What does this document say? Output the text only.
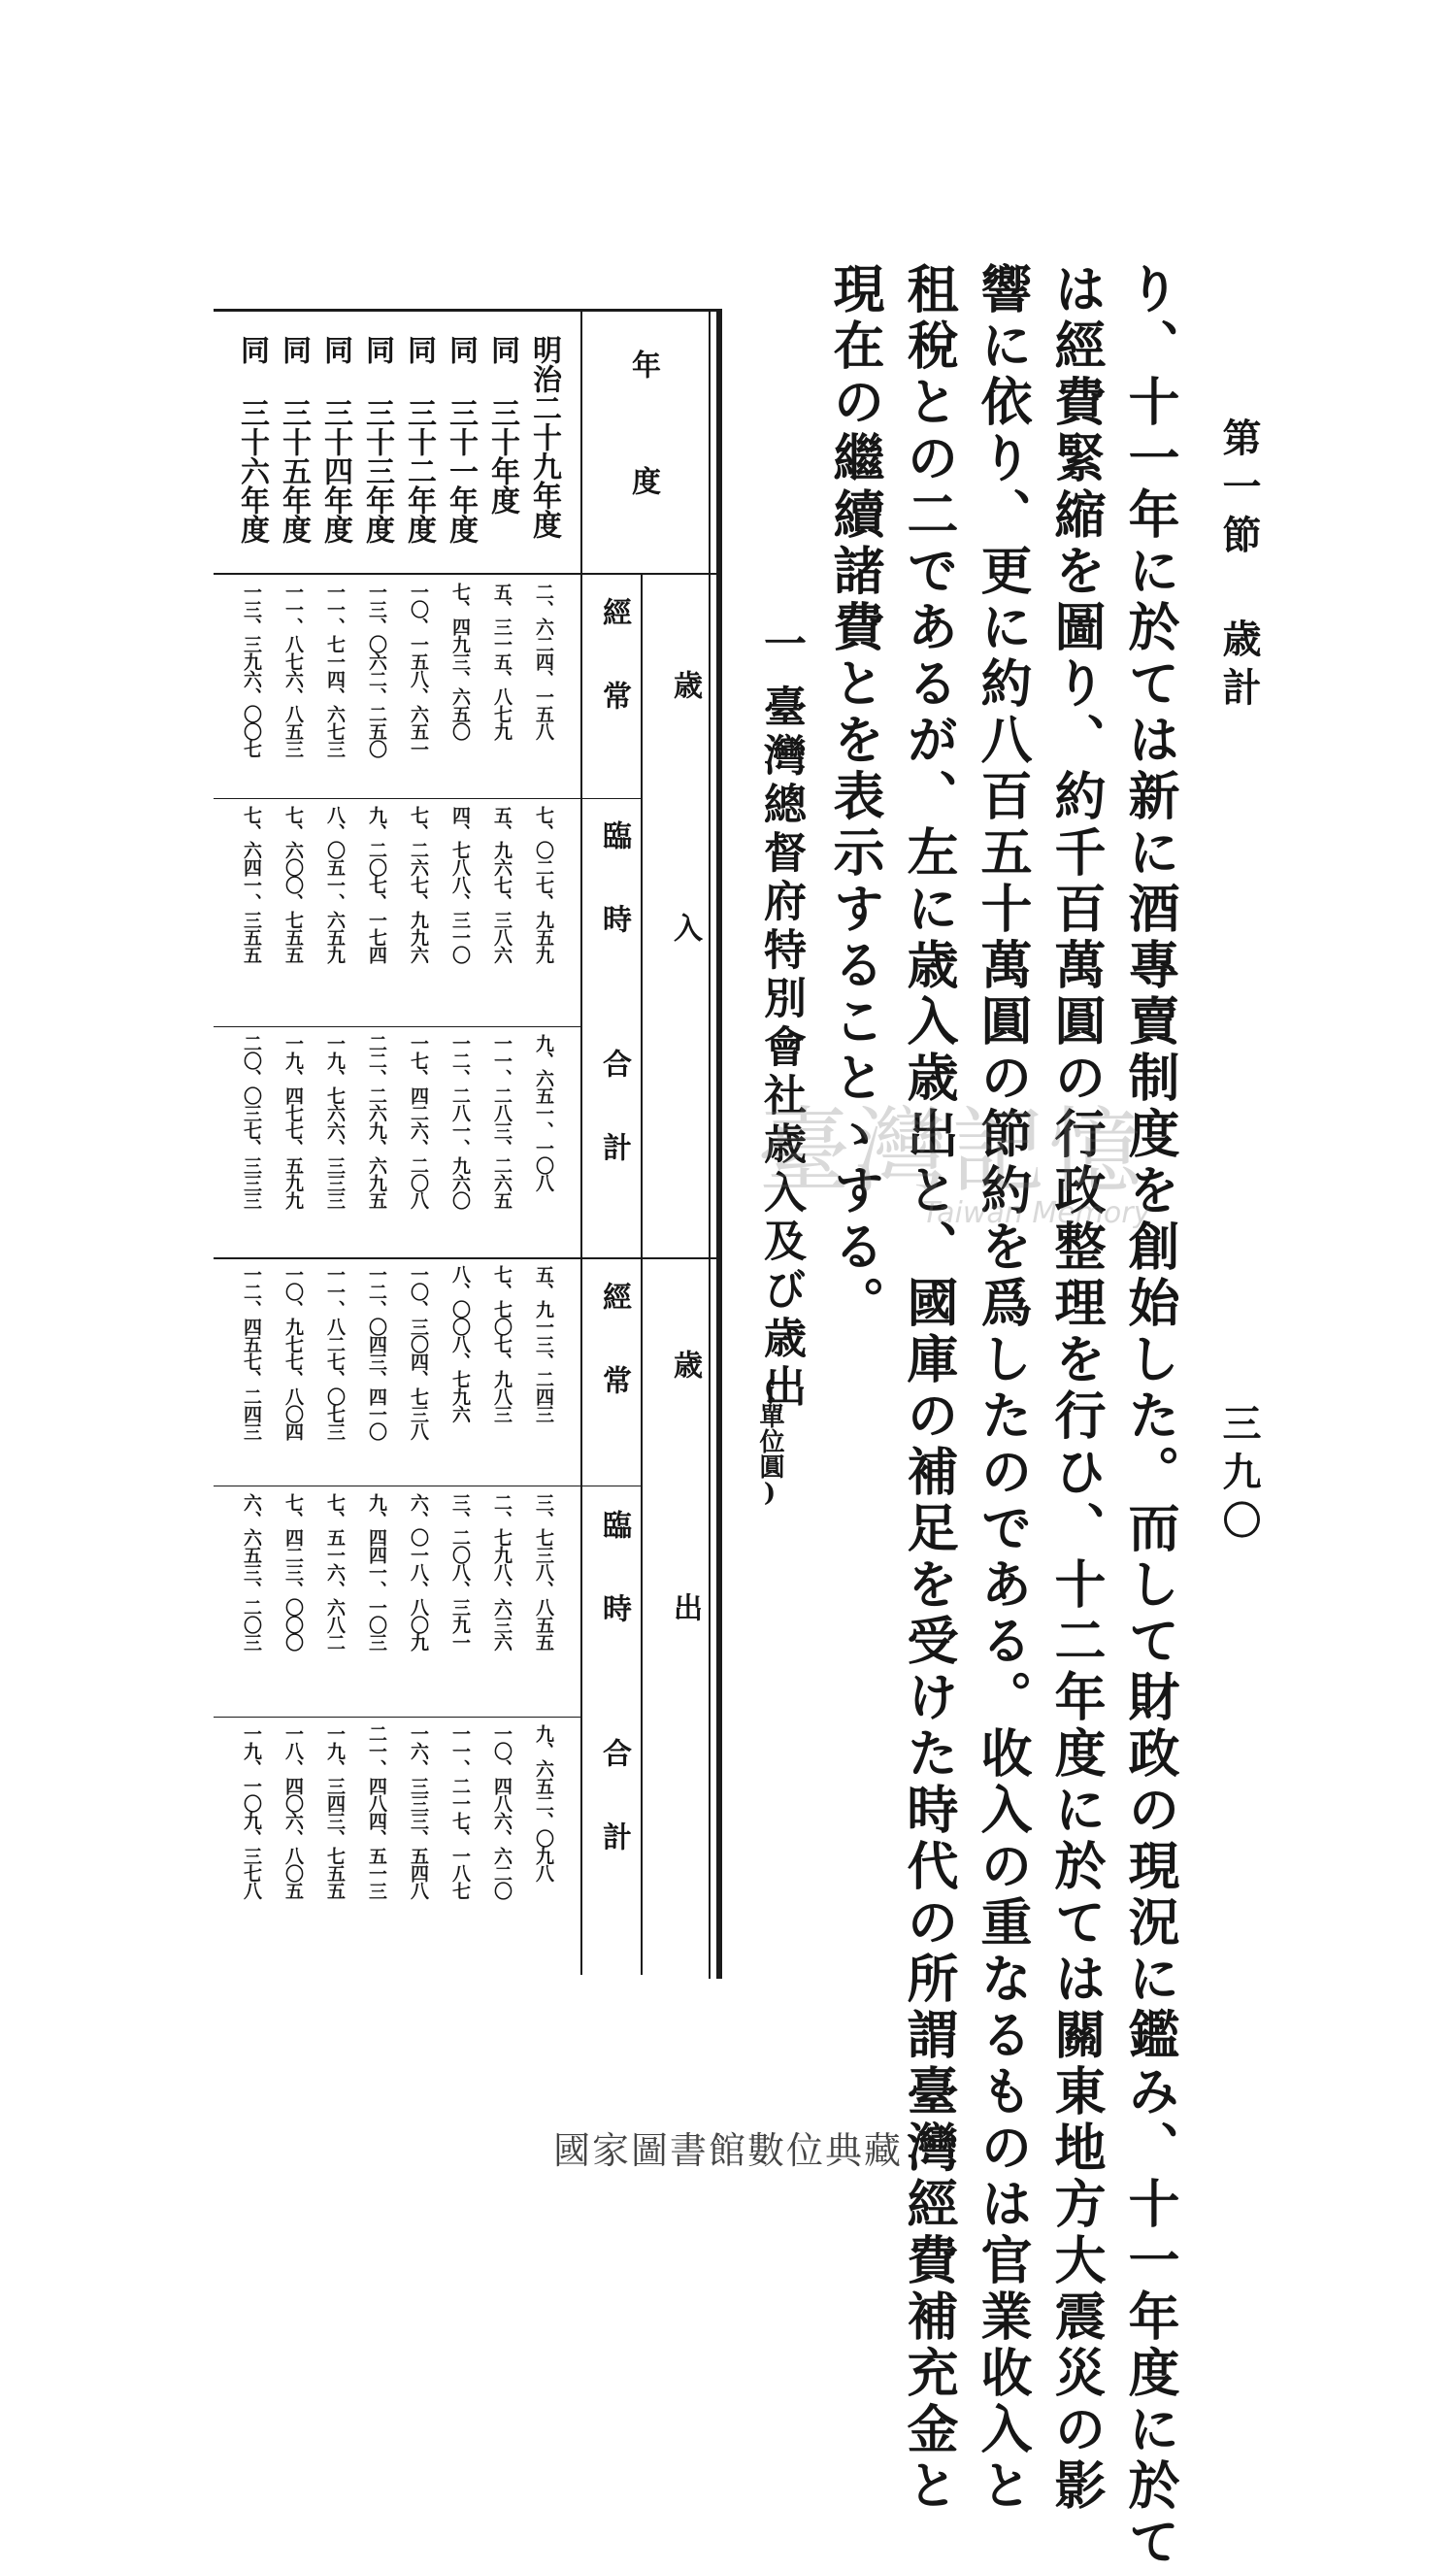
第一節 歳計
三九〇
り、十一年に於ては新に酒專賣制度を創始した。而して財政の現況に鑑み、十一年度に於て
は經費緊縮を圖り、約千百萬圓の行政整理を行ひ、十二年度に於ては關東地方大震災の影
響に依り、更に約八百五十萬圓の節約を爲したのである。收入の重なるものは官業收入と
租稅との二であるが、左に歳入歳出と、國庫の補足を受けた時代の所謂臺灣經費補充金と
現在の繼續諸費とを表示することゝする。
一
臺灣總督府特別會社歳入及び歳出
(單位圓)
年度
歳入
歳出
經常
臨時
合計
經常
臨時
合計
明治二十九年度
同 三十年度
同 三十一年度
同 三十二年度
同 三十三年度
同 三十四年度
同 三十五年度
同 三十六年度
二、六二四、一五八
七、〇二七、九五九
九、六五一、一〇八
五、九一三、二四三
三、七三八、八五五
九、六五二、〇九八
五、三一五、八七九
五、九六七、三八六
一一、二八三、二六五
七、七〇七、九八三
二、七九八、六三六
一〇、四八六、六二〇
七、四九三、六五〇
四、七八八、三一〇
一二、二八一、九六〇
八、〇〇八、七九六
三、二〇八、三九一
一一、二一七、一八七
一〇、一五八、六五一
七、二六七、九九六
一七、四二六、二〇八
一〇、三〇四、七三八
六、〇一八、八〇九
一六、三三三、五四八
一三、〇六二、二五〇
九、二〇七、一七四
二二、二六九、六九五
一二、〇四三、四一〇
九、四四一、一〇三
二一、四八四、五一三
一一、七一四、六七三
八、〇五一、六五九
一九、七六六、三三三
一一、八二七、〇七三
七、五一六、六八二
一九、三四三、七五五
一一、八七六、八五三
七、六〇〇、七五五
一九、四七七、五九九
一〇、九七七、八〇四
七、四二三、〇〇〇
一八、四〇六、八〇五
一三、三九六、〇〇七
七、六四一、三五五
二〇、〇三七、三三三
一二、四五七、二四三
六、六五三、二〇三
一九、一〇九、三七八
臺灣記憶
Taiwan Memory
國家圖書館數位典藏
